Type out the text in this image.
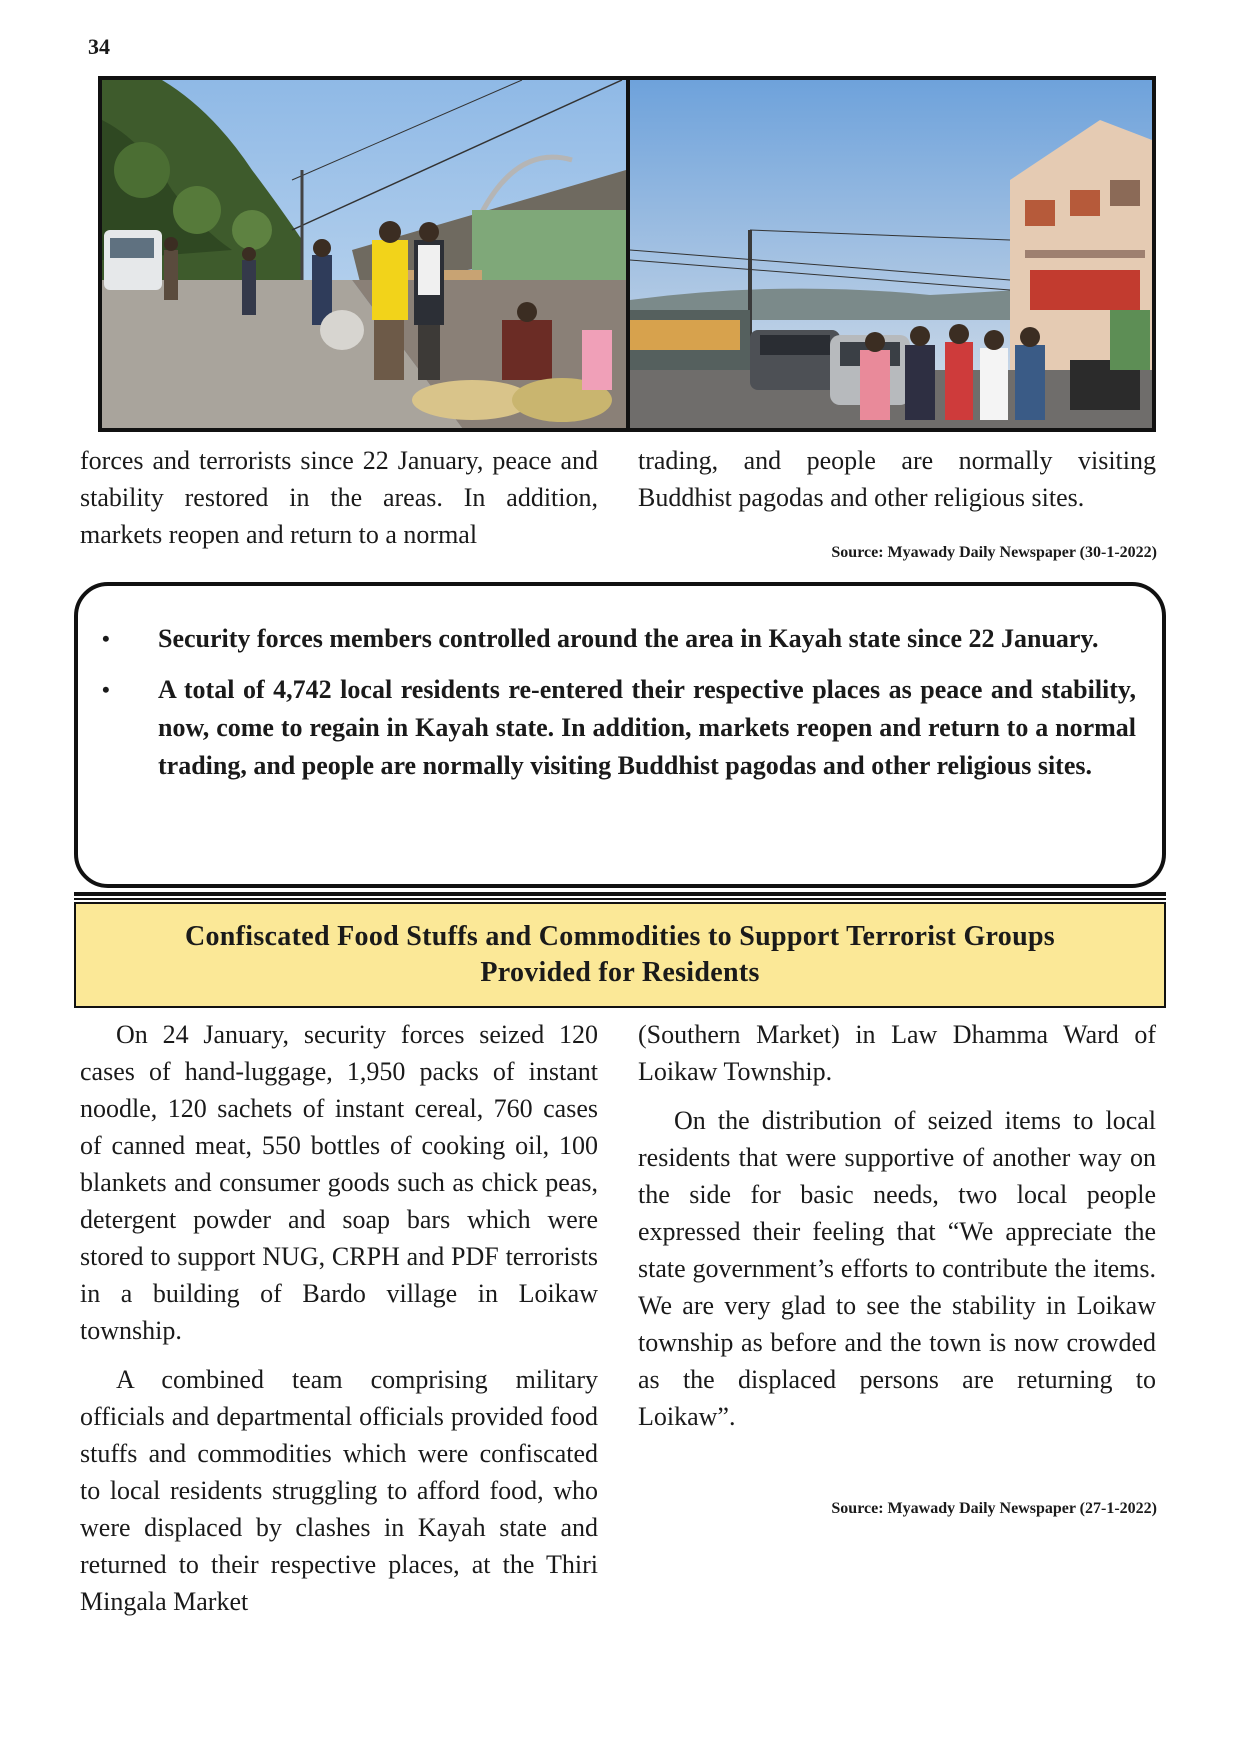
34

forces and terrorists since 22 January, peace and stability restored in the areas. In addition, markets reopen and return to a normal

trading, and people are normally visiting Buddhist pagodas and other religious sites.

Source: Myawady Daily Newspaper (30-1-2022)
• Security forces members controlled around the area in Kayah state since 22 January.
• A total of 4,742 local residents re-entered their respective places as peace and stability, now, come to regain in Kayah state. In addition, markets reopen and return to a normal trading, and people are normally visiting Buddhist pagodas and other religious sites.
Confiscated Food Stuffs and Commodities to Support Terrorist Groups
Provided for Residents

On 24 January, security forces seized 120 cases of hand-luggage, 1,950 packs of instant noodle, 120 sachets of instant cereal, 760 cases of canned meat, 550 bottles of cooking oil, 100 blankets and consumer goods such as chick peas, detergent powder and soap bars which were stored to support NUG, CRPH and PDF terrorists in a building of Bardo village in Loikaw township.

A combined team comprising military officials and departmental officials provided food stuffs and commodities which were confiscated to local residents struggling to afford food, who were displaced by clashes in Kayah state and returned to their respective places, at the Thiri Mingala Market

(Southern Market) in Law Dhamma Ward of Loikaw Township.

On the distribution of seized items to local residents that were supportive of another way on the side for basic needs, two local people expressed their feeling that “We appreciate the state government’s efforts to contribute the items. We are very glad to see the stability in Loikaw township as before and the town is now crowded as the displaced persons are returning to Loikaw”.

Source: Myawady Daily Newspaper (27-1-2022)
